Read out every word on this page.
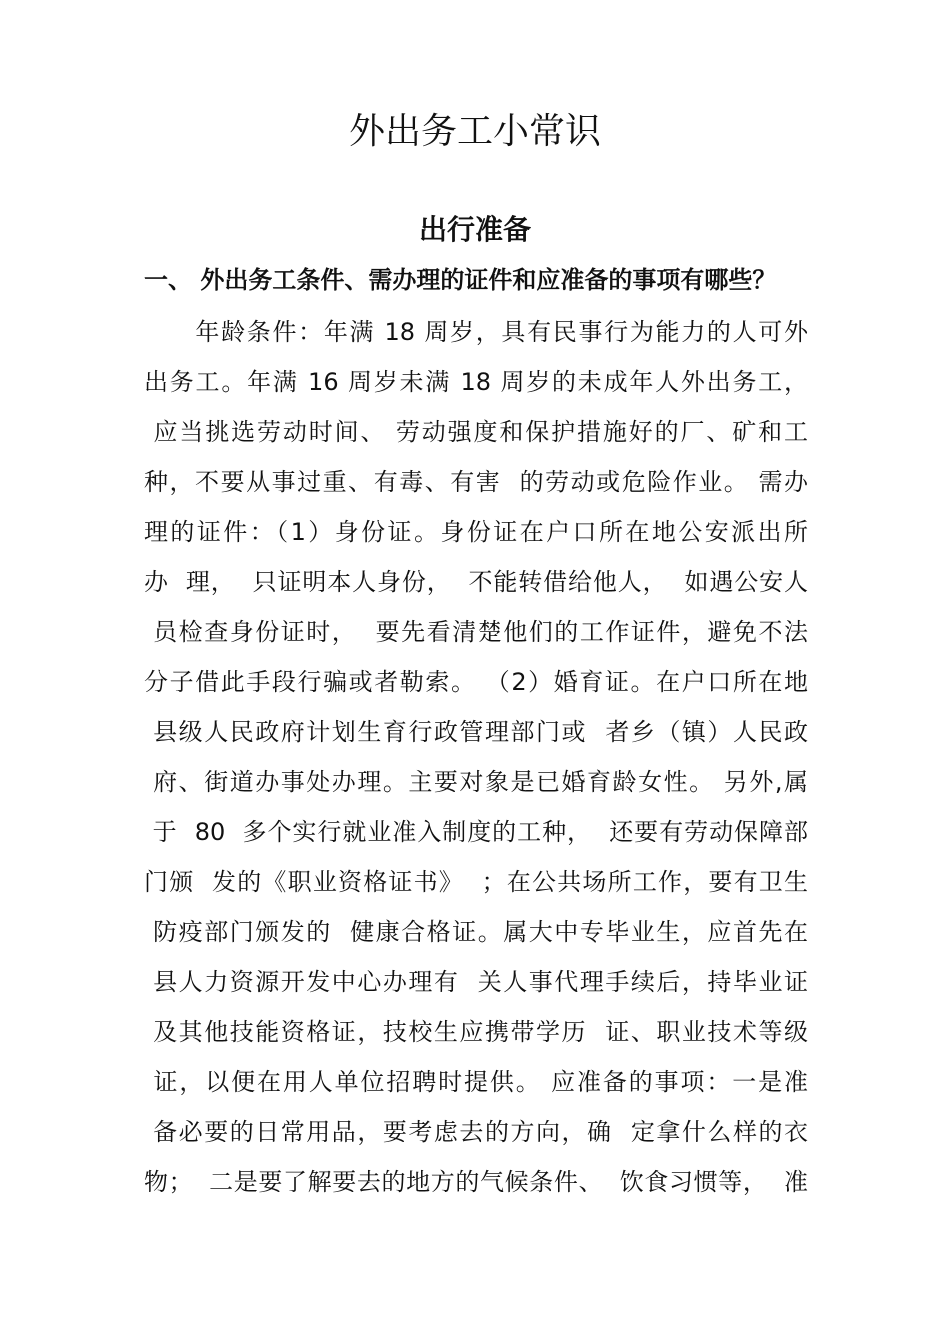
外出务工小常识
出行准备

一、 外出务工条件、需办理的证件和应准备的事项有哪些？

　　年龄条件：年满 18 周岁，具有民事行为能力的人可外

出务工。年满 16 周岁未满 18 周岁的未成年人外出务工，

应当挑选劳动时间、 劳动强度和保护措施好的厂、矿和工

种，不要从事过重、有毒、有害  的劳动或危险作业。 需办

理的证件：（1）身份证。身份证在户口所在地公安派出所

办  理，  只证明本人身份，  不能转借给他人，  如遇公安人

员检查身份证时，  要先看清楚他们的工作证件，避免不法

分子借此手段行骗或者勒索。 （2）婚育证。在户口所在地

县级人民政府计划生育行政管理部门或  者乡（镇）人民政

府、街道办事处办理。主要对象是已婚育龄女性。 另外,属

于  80  多个实行就业准入制度的工种，  还要有劳动保障部

门颁  发的《职业资格证书》  ；在公共场所工作，要有卫生

防疫部门颁发的  健康合格证。属大中专毕业生，应首先在

县人力资源开发中心办理有  关人事代理手续后，持毕业证

及其他技能资格证，技校生应携带学历  证、职业技术等级

证，以便在用人单位招聘时提供。 应准备的事项：一是准

备必要的日常用品，要考虑去的方向，确  定拿什么样的衣

物；  二是要了解要去的地方的气候条件、  饮食习惯等，  准
